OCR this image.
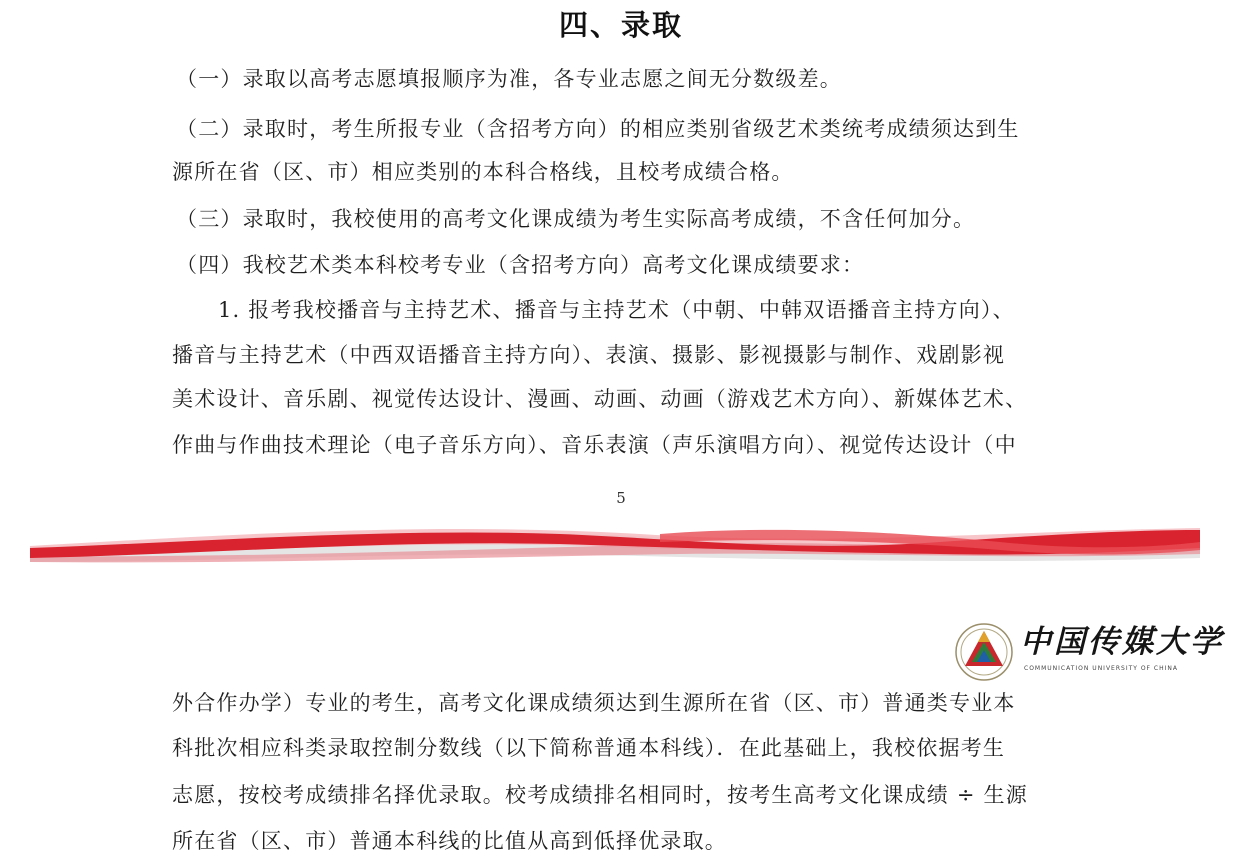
四、录取
（一）录取以高考志愿填报顺序为准，各专业志愿之间无分数级差。
（二）录取时，考生所报专业（含招考方向）的相应类别省级艺术类统考成绩须达到生
源所在省（区、市）相应类别的本科合格线，且校考成绩合格。
（三）录取时，我校使用的高考文化课成绩为考生实际高考成绩，不含任何加分。
（四）我校艺术类本科校考专业（含招考方向）高考文化课成绩要求：
1. 报考我校播音与主持艺术、播音与主持艺术（中朝、中韩双语播音主持方向）、
播音与主持艺术（中西双语播音主持方向）、表演、摄影、影视摄影与制作、戏剧影视
美术设计、音乐剧、视觉传达设计、漫画、动画、动画（游戏艺术方向）、新媒体艺术、
作曲与作曲技术理论（电子音乐方向）、音乐表演（声乐演唱方向）、视觉传达设计（中
5
中国传媒大学
COMMUNICATION UNIVERSITY OF CHINA
外合作办学）专业的考生，高考文化课成绩须达到生源所在省（区、市）普通类专业本
科批次相应科类录取控制分数线（以下简称普通本科线）．在此基础上，我校依据考生
志愿，按校考成绩排名择优录取。校考成绩排名相同时，按考生高考文化课成绩 ÷ 生源
所在省（区、市）普通本科线的比值从高到低择优录取。
